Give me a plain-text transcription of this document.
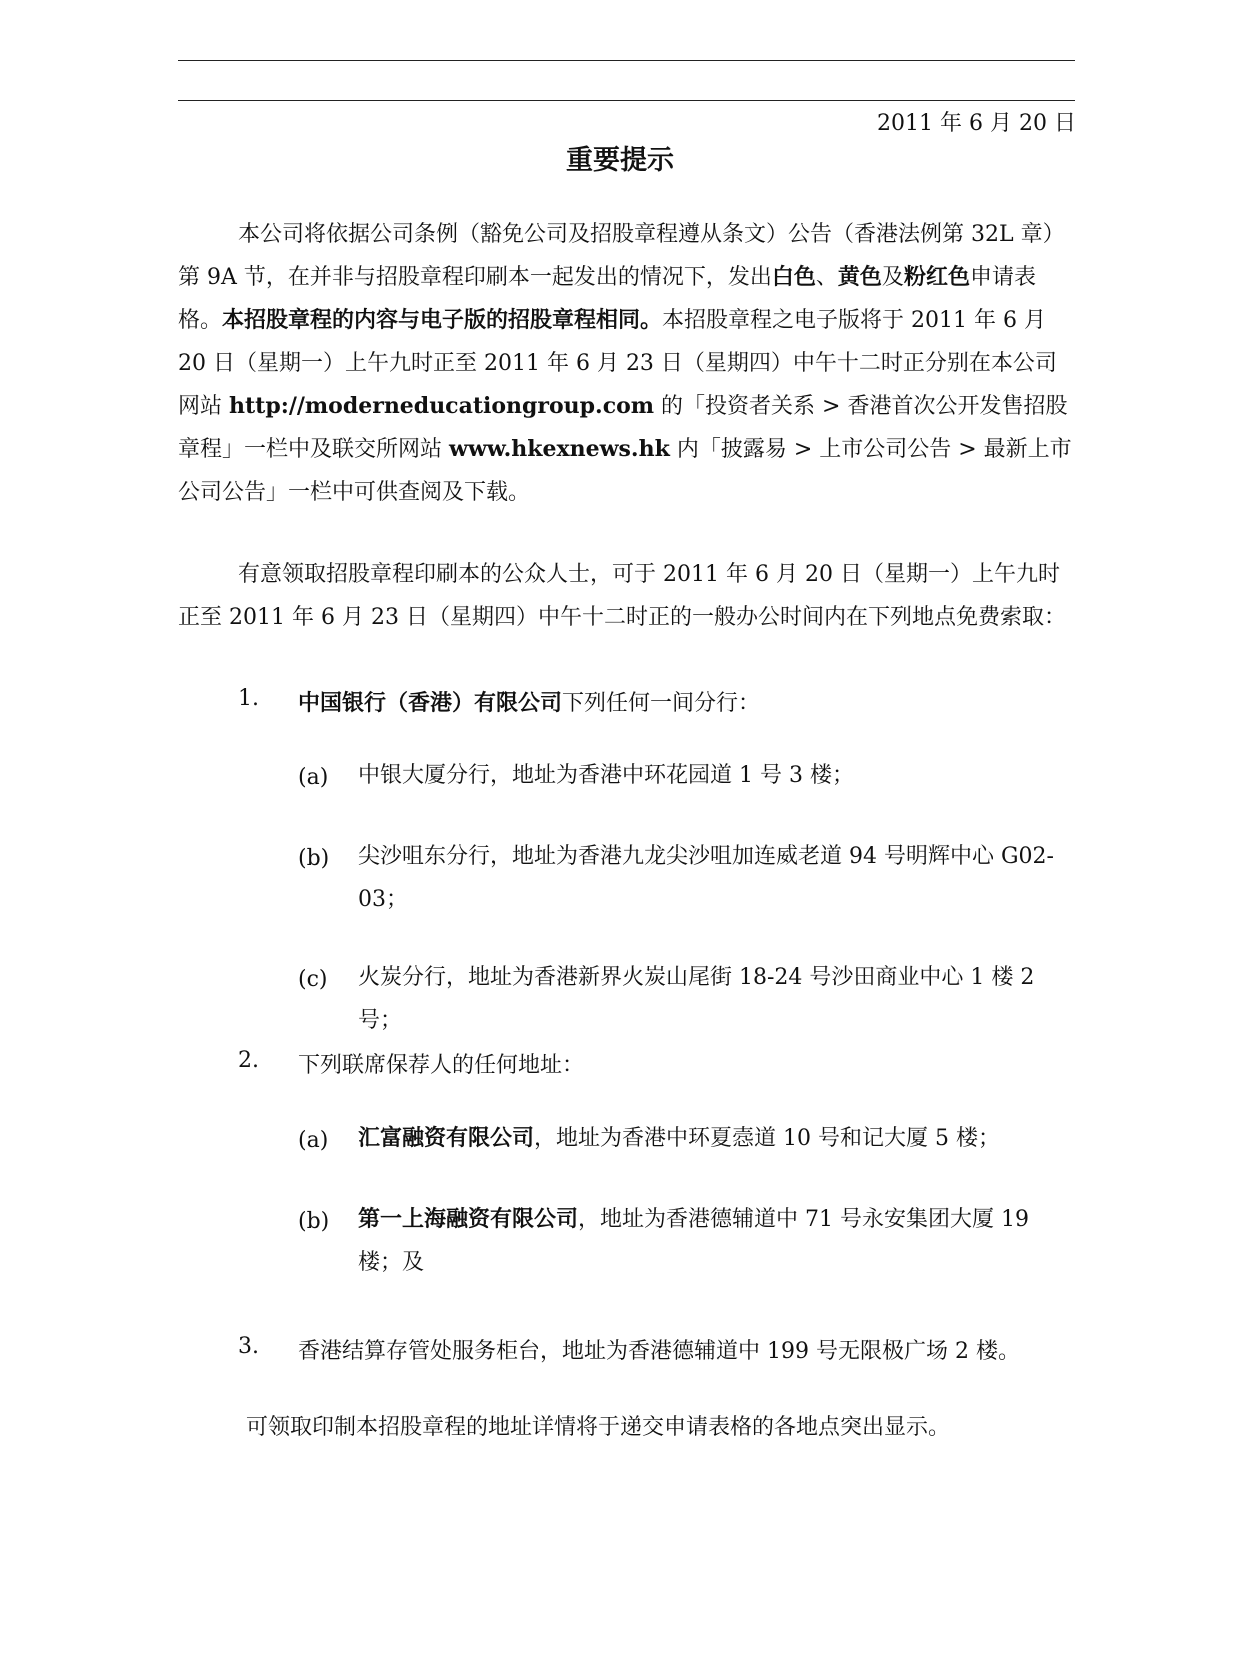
2011 年 6 月 20 日
重要提示

本公司将依据公司条例（豁免公司及招股章程遵从条文）公告（香港法例第 32L 章）第 9A 节，在并非与招股章程印刷本一起发出的情况下，发出白色、黄色及粉红色申请表格。本招股章程的内容与电子版的招股章程相同。本招股章程之电子版将于 2011 年 6 月 20 日（星期一）上午九时正至 2011 年 6 月 23 日（星期四）中午十二时正分别在本公司网站 http://moderneducationgroup.com 的「投资者关系 > 香港首次公开发售招股章程」一栏中及联交所网站 www.hkexnews.hk 内「披露易 > 上市公司公告 > 最新上市公司公告」一栏中可供查阅及下载。

有意领取招股章程印刷本的公众人士，可于 2011 年 6 月 20 日（星期一）上午九时正至 2011 年 6 月 23 日（星期四）中午十二时正的一般办公时间内在下列地点免费索取：

1. 中国银行（香港）有限公司下列任何一间分行：
(a) 中银大厦分行，地址为香港中环花园道 1 号 3 楼；
(b) 尖沙咀东分行，地址为香港九龙尖沙咀加连威老道 94 号明辉中心 G02-03；
(c) 火炭分行，地址为香港新界火炭山尾街 18-24 号沙田商业中心 1 楼 2 号；
2. 下列联席保荐人的任何地址：
(a) 汇富融资有限公司，地址为香港中环夏悫道 10 号和记大厦 5 楼；
(b) 第一上海融资有限公司，地址为香港德辅道中 71 号永安集团大厦 19 楼；及
3. 香港结算存管处服务柜台，地址为香港德辅道中 199 号无限极广场 2 楼。
可领取印制本招股章程的地址详情将于递交申请表格的各地点突出显示。
